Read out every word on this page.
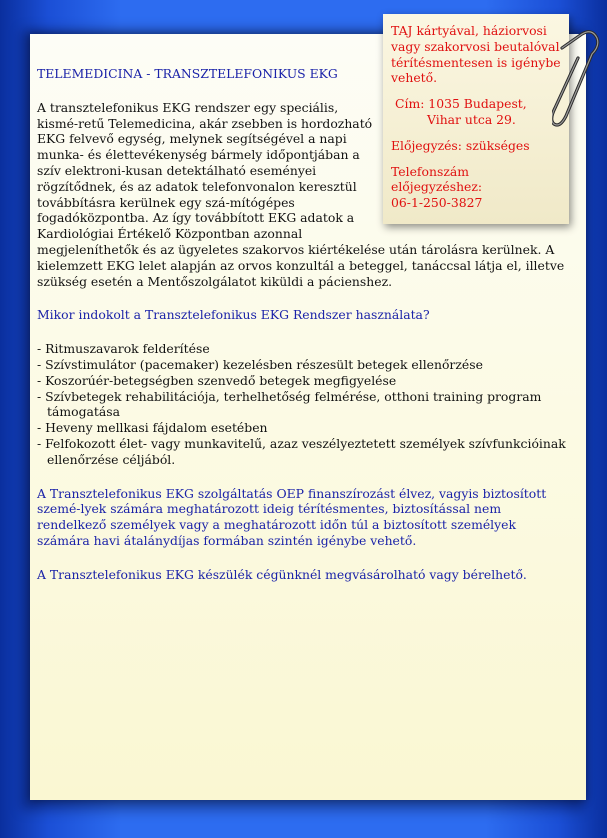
TELEMEDICINA - TRANSZTELEFONIKUS EKG

A transztelefonikus EKG rendszer egy speciális, kismé-retű Telemedicina, akár zsebben is hordozható EKG felvevő egység, melynek segítségével a napi munka- és élettevékenység bármely időpontjában a szív elektroni-kusan detektálható eseményei rögzítődnek, és az adatok telefonvonalon keresztül továbbításra kerülnek egy szá-mítógépes fogadóközpontba. Az így továbbított EKG adatok a Kardiológiai Értékelő Központban azonnal megjeleníthetők és az ügyeletes szakorvos kiértékelése után tárolásra kerülnek. A kielemzett EKG lelet alapján az orvos konzultál a beteggel, tanáccsal látja el, illetve szükség esetén a Mentőszolgálatot kiküldi a pácienshez.

Mikor indokolt a Transztelefonikus EKG Rendszer használata?

- Ritmuszavarok felderítése
- Szívstimulátor (pacemaker) kezelésben részesült betegek ellenőrzése
- Koszorúér-betegségben szenvedő betegek megfigyelése
- Szívbetegek rehabilitációja, terhelhetőség felmérése, otthoni training program támogatása
- Heveny mellkasi fájdalom esetében
- Felfokozott élet- vagy munkavitelű, azaz veszélyeztetett személyek szívfunkcióinak ellenőrzése céljából.

A Transztelefonikus EKG szolgáltatás OEP finanszírozást élvez, vagyis biztosított szemé-lyek számára meghatározott ideig térítésmentes, biztosítással nem rendelkező személyek vagy a meghatározott időn túl a biztosított személyek számára havi átalánydíjas formában szintén igénybe vehető.

A Transztelefonikus EKG készülék cégünknél megvásárolható vagy bérelhető.

TAJ kártyával, háziorvosi vagy szakorvosi beutalóval térítésmentesen is igénybe vehető.

Cím: 1035 Budapest,

Vihar utca 29.

Előjegyzés: szükséges

Telefonszám előjegyzéshez:

06-1-250-3827
